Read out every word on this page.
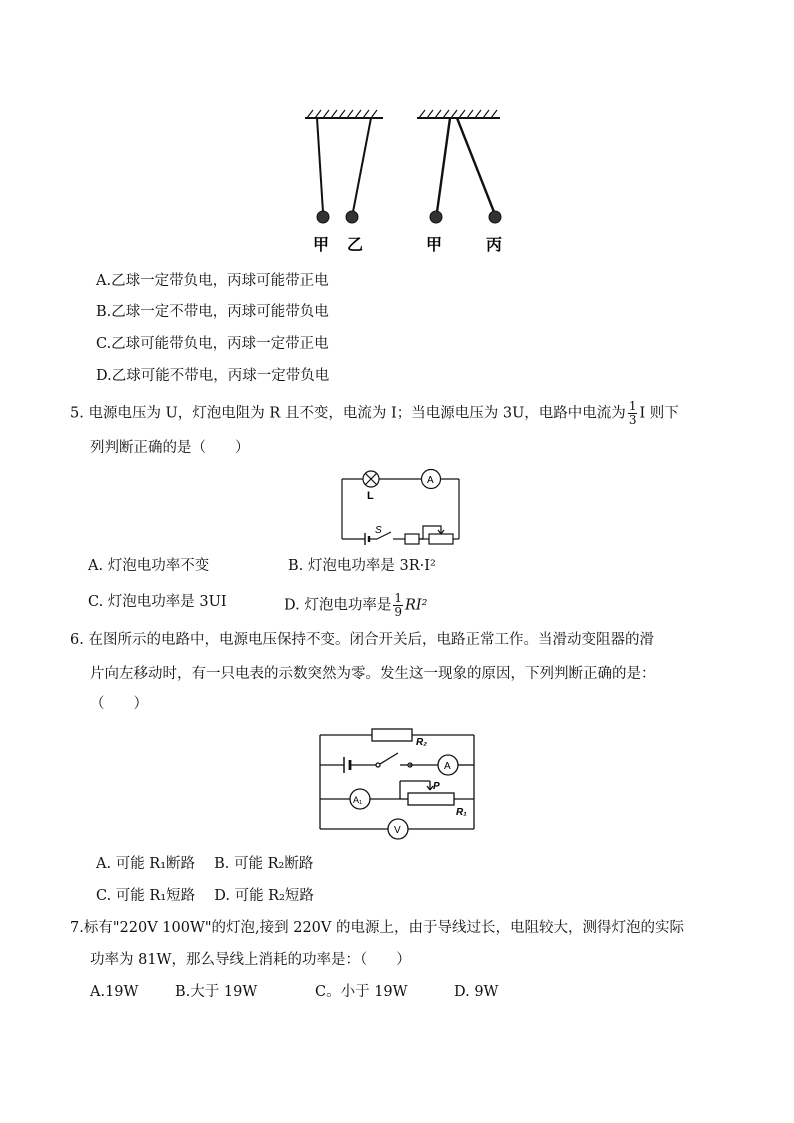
甲 乙	甲	丙
A.乙球一定带负电，丙球可能带正电
B.乙球一定不带电，丙球可能带负电
C.乙球可能带负电，丙球一定带正电
D.乙球可能不带电，丙球一定带负电
5. 电源电压为 U，灯泡电阻为 R 且不变，电流为 I；当电源电压为 3U，电路中电流为 $\frac{1}{3}$ I 则下
列判断正确的是（　　）
L
A
S
A. 灯泡电功率不变	B. 灯泡电功率是 3R·I²
C. 灯泡电功率是 3UI	D. 灯泡电功率是 $\frac{1}{9} RI^2$
6. 在图所示的电路中，电源电压保持不变。闭合开关后，电路正常工作。当滑动变阻器的滑
片向左移动时，有一只电表的示数突然为零。发生这一现象的原因，下列判断正确的是：
（　　）
R₂
A
A₁
P
R₁
V
A. 可能 R₁断路　 B. 可能 R₂断路
C. 可能 R₁短路　 D. 可能 R₂短路
7.标有"220V 100W"的灯泡,接到 220V 的电源上，由于导线过长，电阻较大，测得灯泡的实际
功率为 81W，那么导线上消耗的功率是：（　　）
A.19W	B.大于 19W	C。小于 19W	D. 9W
